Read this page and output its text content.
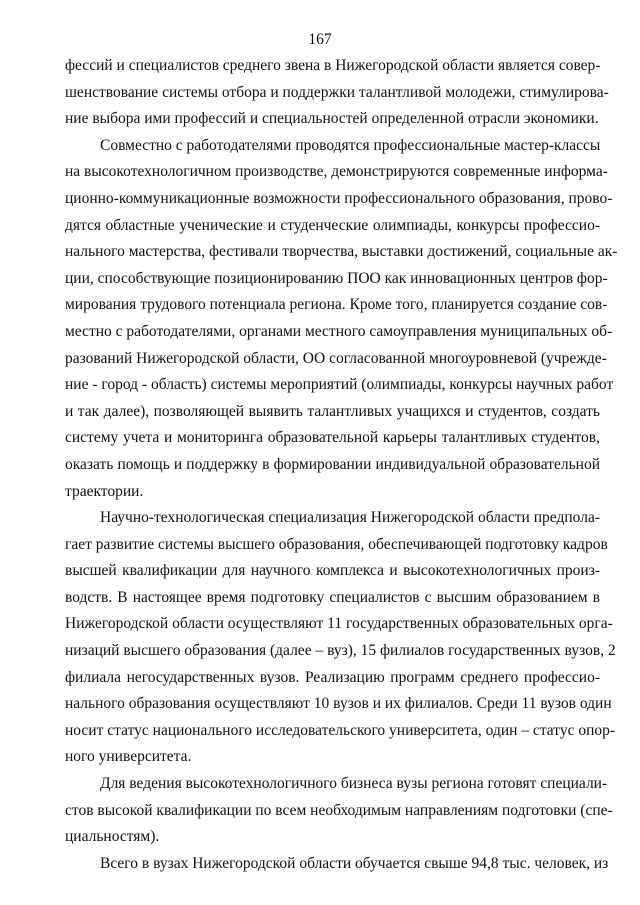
167
фессий и специалистов среднего звена в Нижегородской области является совер-
шенствование системы отбора и поддержки талантливой молодежи, стимулирова-
ние выбора ими профессий и специальностей определенной отрасли экономики.
Совместно с работодателями проводятся профессиональные мастер-классы
на высокотехнологичном производстве, демонстрируются современные информа-
ционно-коммуникационные возможности профессионального образования, прово-
дятся областные ученические и студенческие олимпиады, конкурсы профессио-
нального мастерства, фестивали творчества, выставки достижений, социальные ак-
ции, способствующие позиционированию ПОО как инновационных центров фор-
мирования трудового потенциала региона. Кроме того, планируется создание сов-
местно с работодателями, органами местного самоуправления муниципальных об-
разований Нижегородской области, ОО согласованной многоуровневой (учрежде-
ние - город - область) системы мероприятий (олимпиады, конкурсы научных работ
и так далее), позволяющей выявить талантливых учащихся и студентов, создать
систему учета и мониторинга образовательной карьеры талантливых студентов,
оказать помощь и поддержку в формировании индивидуальной образовательной
траектории.
Научно-технологическая специализация Нижегородской области предпола-
гает развитие системы высшего образования, обеспечивающей подготовку кадров
высшей квалификации для научного комплекса и высокотехнологичных произ-
водств. В настоящее время подготовку специалистов с высшим образованием в
Нижегородской области осуществляют 11 государственных образовательных орга-
низаций высшего образования (далее – вуз), 15 филиалов государственных вузов, 2
филиала негосударственных вузов. Реализацию программ среднего профессио-
нального образования осуществляют 10 вузов и их филиалов. Среди 11 вузов один
носит статус национального исследовательского университета, один – статус опор-
ного университета.
Для ведения высокотехнологичного бизнеса вузы региона готовят специали-
стов высокой квалификации по всем необходимым направлениям подготовки (спе-
циальностям).
Всего в вузах Нижегородской области обучается свыше 94,8 тыс. человек, из
